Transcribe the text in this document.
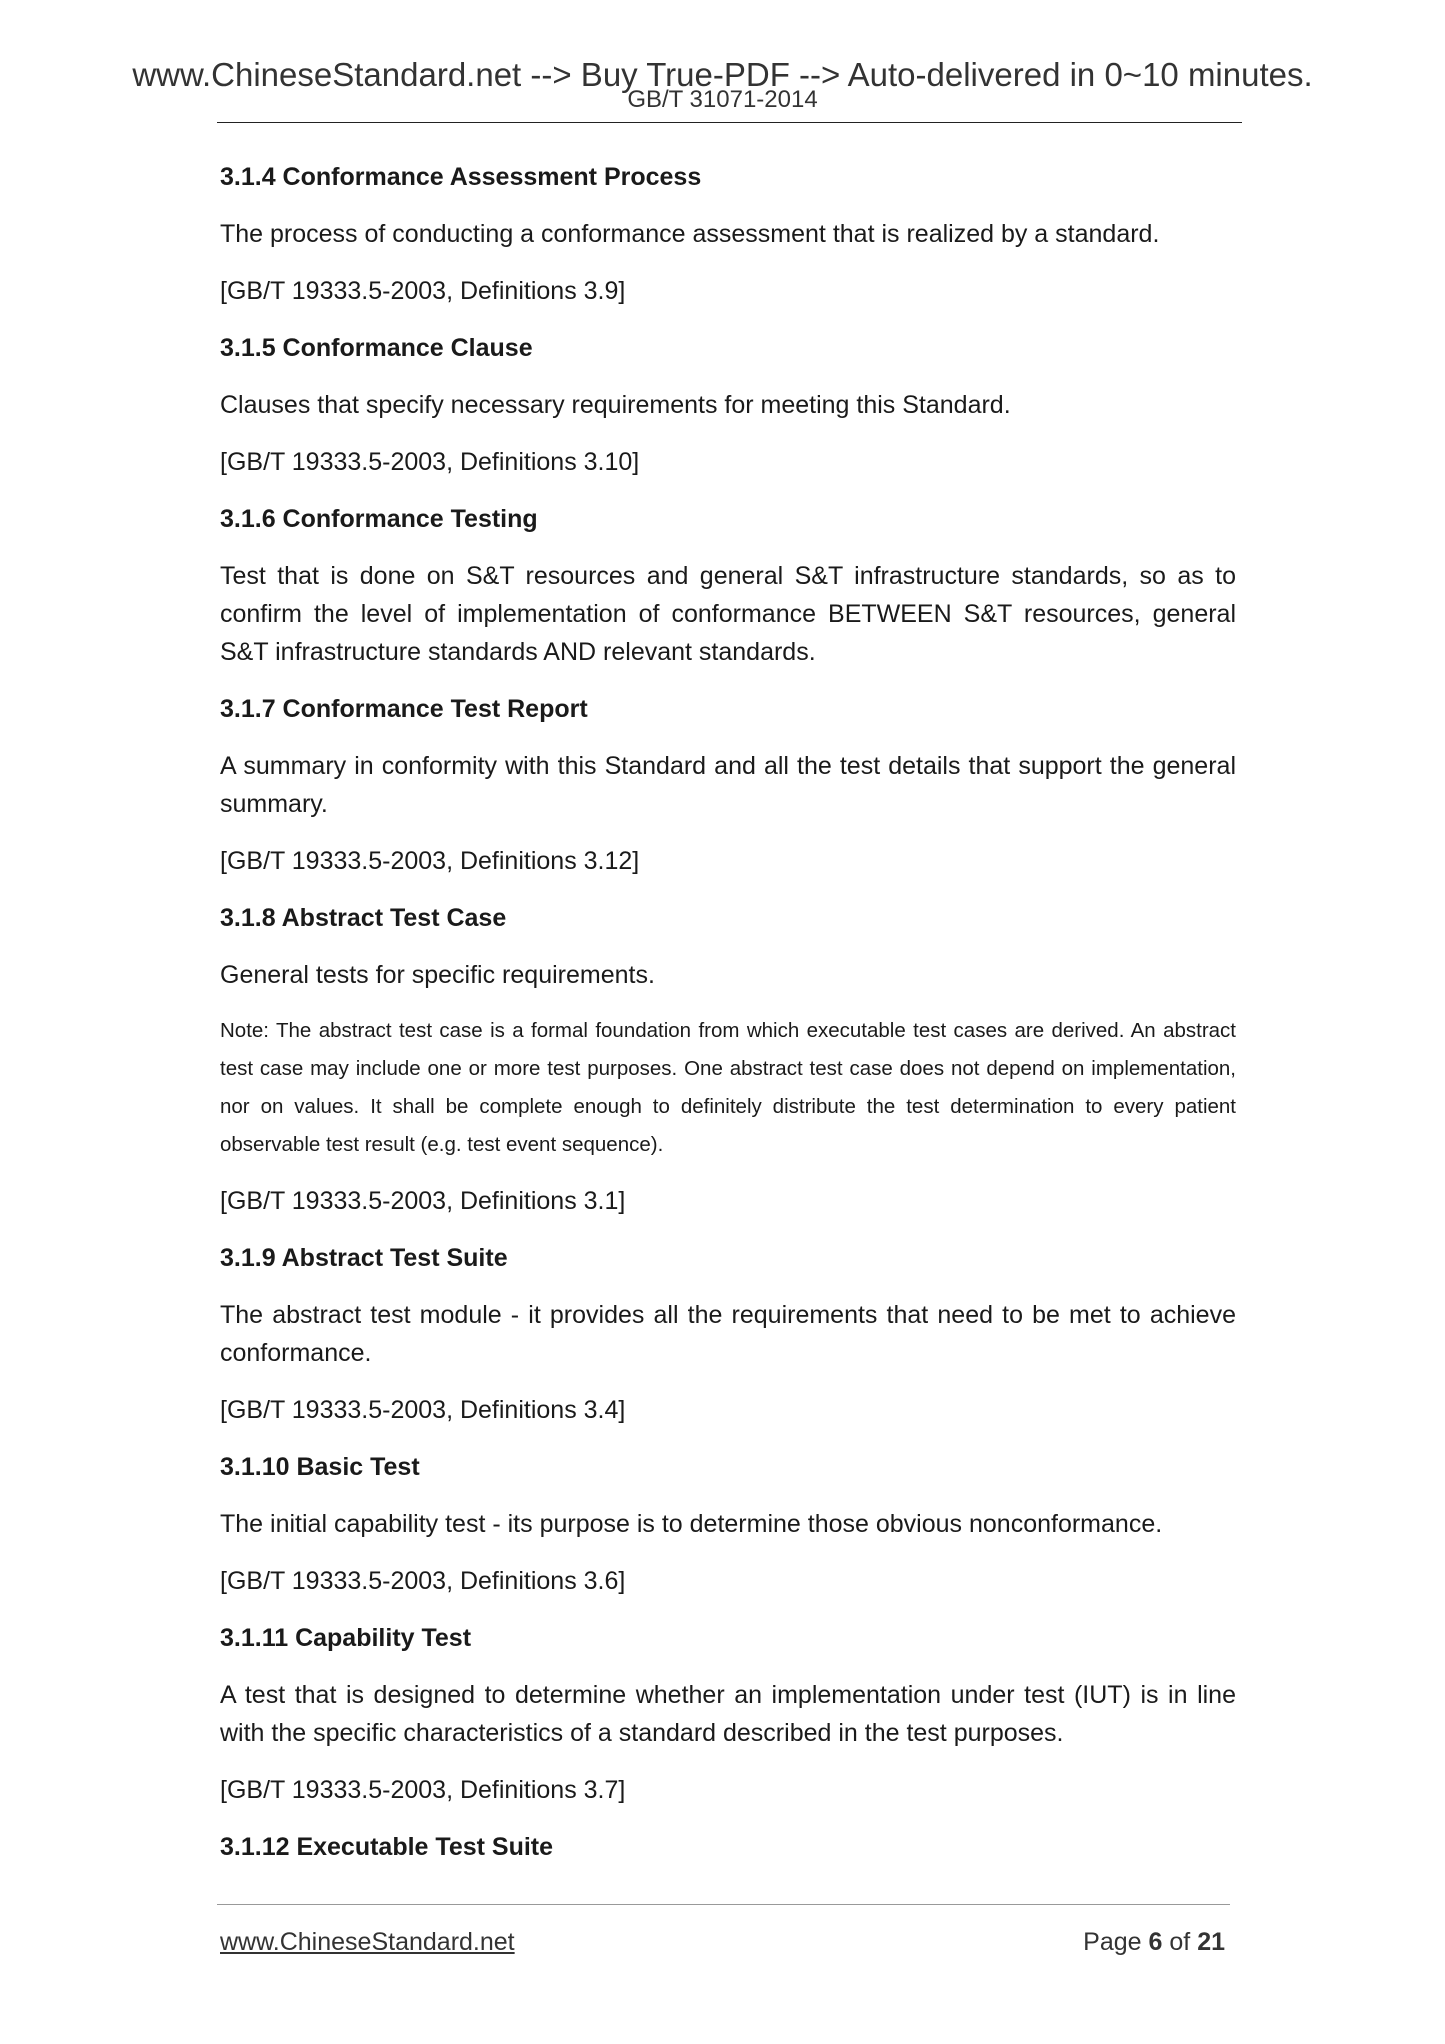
www.ChineseStandard.net --> Buy True-PDF --> Auto-delivered in 0~10 minutes.
GB/T 31071-2014
3.1.4 Conformance Assessment Process
The process of conducting a conformance assessment that is realized by a standard.
[GB/T 19333.5-2003, Definitions 3.9]
3.1.5 Conformance Clause
Clauses that specify necessary requirements for meeting this Standard.
[GB/T 19333.5-2003, Definitions 3.10]
3.1.6 Conformance Testing
Test that is done on S&T resources and general S&T infrastructure standards, so as to confirm the level of implementation of conformance BETWEEN S&T resources, general S&T infrastructure standards AND relevant standards.
3.1.7 Conformance Test Report
A summary in conformity with this Standard and all the test details that support the general summary.
[GB/T 19333.5-2003, Definitions 3.12]
3.1.8 Abstract Test Case
General tests for specific requirements.
Note: The abstract test case is a formal foundation from which executable test cases are derived. An abstract test case may include one or more test purposes. One abstract test case does not depend on implementation, nor on values. It shall be complete enough to definitely distribute the test determination to every patient observable test result (e.g. test event sequence).
[GB/T 19333.5-2003, Definitions 3.1]
3.1.9 Abstract Test Suite
The abstract test module - it provides all the requirements that need to be met to achieve conformance.
[GB/T 19333.5-2003, Definitions 3.4]
3.1.10 Basic Test
The initial capability test - its purpose is to determine those obvious nonconformance.
[GB/T 19333.5-2003, Definitions 3.6]
3.1.11 Capability Test
A test that is designed to determine whether an implementation under test (IUT) is in line with the specific characteristics of a standard described in the test purposes.
[GB/T 19333.5-2003, Definitions 3.7]
3.1.12 Executable Test Suite
www.ChineseStandard.net	Page 6 of 21
